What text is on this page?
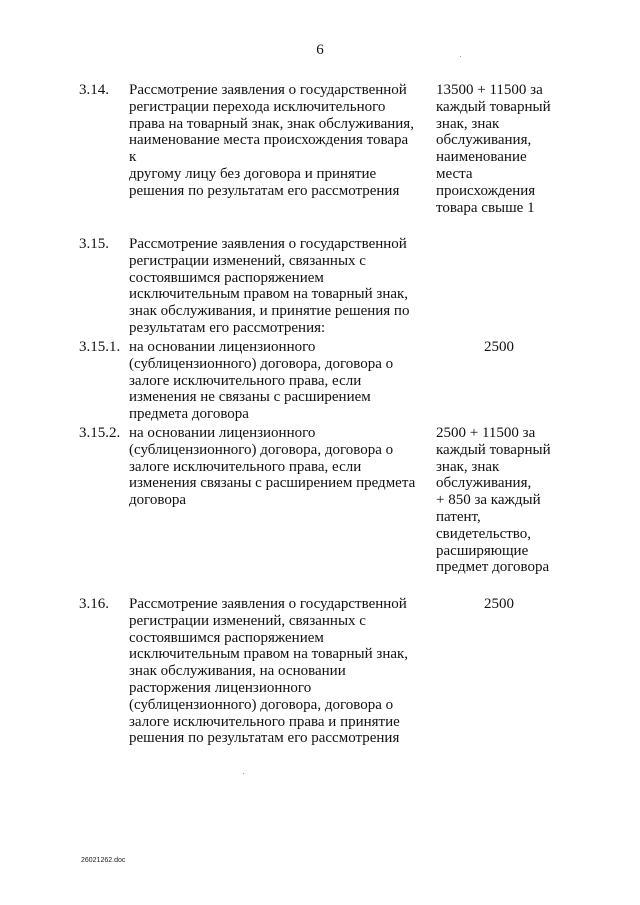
6
3.14. Рассмотрение заявления о государственной
регистрации перехода исключительного
права на товарный знак, знак обслуживания,
наименование места происхождения товара к
другому лицу без договора и принятие
решения по результатам его рассмотрения
13500 + 11500 за
каждый товарный
знак, знак
обслуживания,
наименование
места
происхождения
товара свыше 1
3.15. Рассмотрение заявления о государственной
регистрации изменений, связанных с
состоявшимся распоряжением
исключительным правом на товарный знак,
знак обслуживания, и принятие решения по
результатам его рассмотрения:
3.15.1. на основании лицензионного
(сублицензионного) договора, договора о
залоге исключительного права, если
изменения не связаны с расширением
предмета договора
2500
3.15.2. на основании лицензионного
(сублицензионного) договора, договора о
залоге исключительного права, если
изменения связаны с расширением предмета
договора
2500 + 11500 за
каждый товарный
знак, знак
обслуживания,
+ 850 за каждый
патент,
свидетельство,
расширяющие
предмет договора
3.16. Рассмотрение заявления о государственной
регистрации изменений, связанных с
состоявшимся распоряжением
исключительным правом на товарный знак,
знак обслуживания, на основании
расторжения лицензионного
(сублицензионного) договора, договора о
залоге исключительного права и принятие
решения по результатам его рассмотрения
2500
26021262.doc
